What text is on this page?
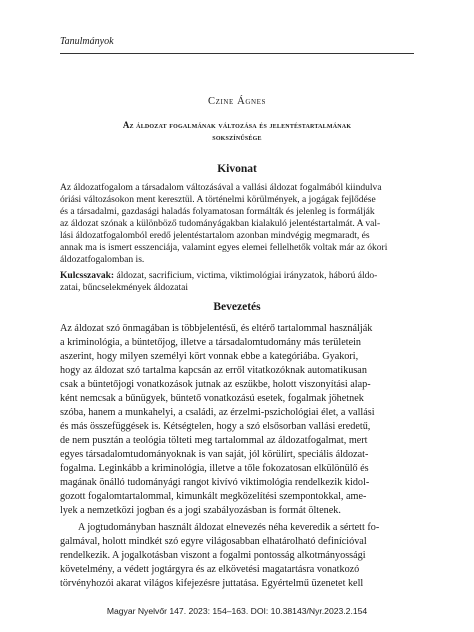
Tanulmányok
Czine Ágnes
Az áldozat fogalmának változása és jelentéstartalmának
sokszínűsége
Kivonat
Az áldozatfogalom a társadalom változásával a vallási áldozat fogalmából kiindulva
óriási változásokon ment keresztül. A történelmi körülmények, a jogágak fejlődése
és a társadalmi, gazdasági haladás folyamatosan formálták és jelenleg is formálják
az áldozat szónak a különböző tudományágakban kialakuló jelentéstartalmát. A val-
lási áldozatfogalomból eredő jelentéstartalom azonban mindvégig megmaradt, és
annak ma is ismert esszenciája, valamint egyes elemei fellelhetők voltak már az ókori
áldozatfogalomban is.
Kulcsszavak: áldozat, sacrificium, victima, viktimológiai irányzatok, háború áldo-
zatai, bűncselekmények áldozatai
Bevezetés
Az áldozat szó önmagában is többjelentésű, és eltérő tartalommal használják
a kriminológia, a büntetőjog, illetve a társadalomtudomány más területein
aszerint, hogy milyen személyi kört vonnak ebbe a kategóriába. Gyakori,
hogy az áldozat szó tartalma kapcsán az erről vitatkozóknak automatikusan
csak a büntetőjogi vonatkozások jutnak az eszükbe, holott viszonyítási alap-
ként nemcsak a bűnügyek, büntető vonatkozású esetek, fogalmak jöhetnek
szóba, hanem a munkahelyi, a családi, az érzelmi-pszichológiai élet, a vallási
és más összefüggések is. Kétségtelen, hogy a szó elsősorban vallási eredetű,
de nem pusztán a teológia tölteti meg tartalommal az áldozatfogalmat, mert
egyes társadalomtudományoknak is van saját, jól körülírt, speciális áldozat-
fogalma. Leginkább a kriminológia, illetve a tőle fokozatosan elkülönülő és
magának önálló tudományági rangot kivívó viktimológia rendelkezik kidol-
gozott fogalomtartalommal, kimunkált megközelítési szempontokkal, ame-
lyek a nemzetközi jogban és a jogi szabályozásban is formát öltenek.
A jogtudományban használt áldozat elnevezés néha keveredik a sértett fo-
galmával, holott mindkét szó egyre világosabban elhatárolható definícióval
rendelkezik. A jogalkotásban viszont a fogalmi pontosság alkotmányossági
követelmény, a védett jogtárgyra és az elkövetési magatartásra vonatkozó
törvényhozói akarat világos kifejezésre juttatása. Egyértelmű üzenetet kell
Magyar Nyelvőr 147. 2023: 154–163. DOI: 10.38143/Nyr.2023.2.154
